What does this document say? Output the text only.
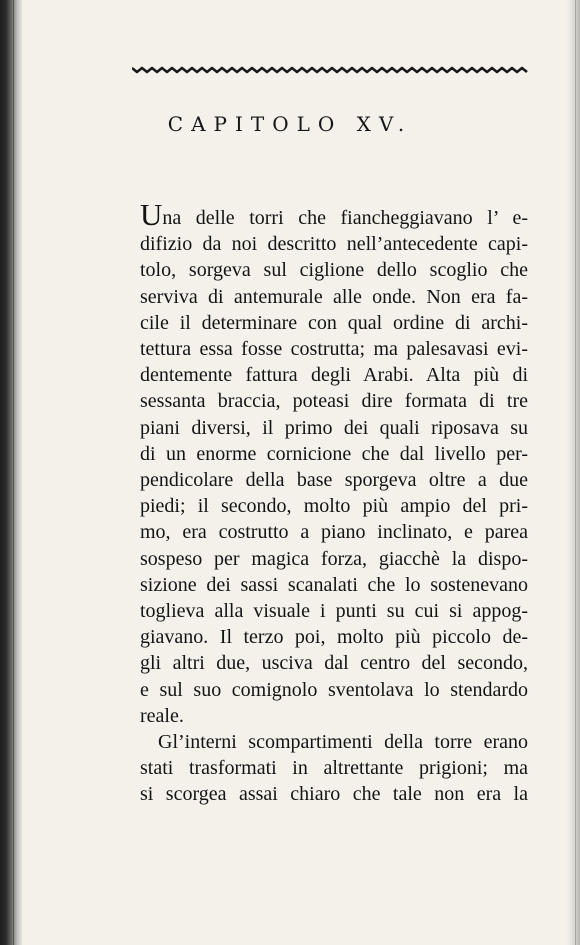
CAPITOLO XV.
Una delle torri che fiancheggiavano l’ e-
difizio da noi descritto nell’antecedente capi-
tolo, sorgeva sul ciglione dello scoglio che
serviva di antemurale alle onde. Non era fa-
cile il determinare con qual ordine di archi-
tettura essa fosse costrutta; ma palesavasi evi-
dentemente fattura degli Arabi. Alta più di
sessanta braccia, poteasi dire formata di tre
piani diversi, il primo dei quali riposava su
di un enorme cornicione che dal livello per-
pendicolare della base sporgeva oltre a due
piedi; il secondo, molto più ampio del pri-
mo, era costrutto a piano inclinato, e parea
sospeso per magica forza, giacchè la dispo-
sizione dei sassi scanalati che lo sostenevano
toglieva alla visuale i punti su cui si appog-
giavano. Il terzo poi, molto più piccolo de-
gli altri due, usciva dal centro del secondo,
e sul suo comignolo sventolava lo stendardo
reale.
Gl’interni scompartimenti della torre erano
stati trasformati in altrettante prigioni; ma
si scorgea assai chiaro che tale non era la
